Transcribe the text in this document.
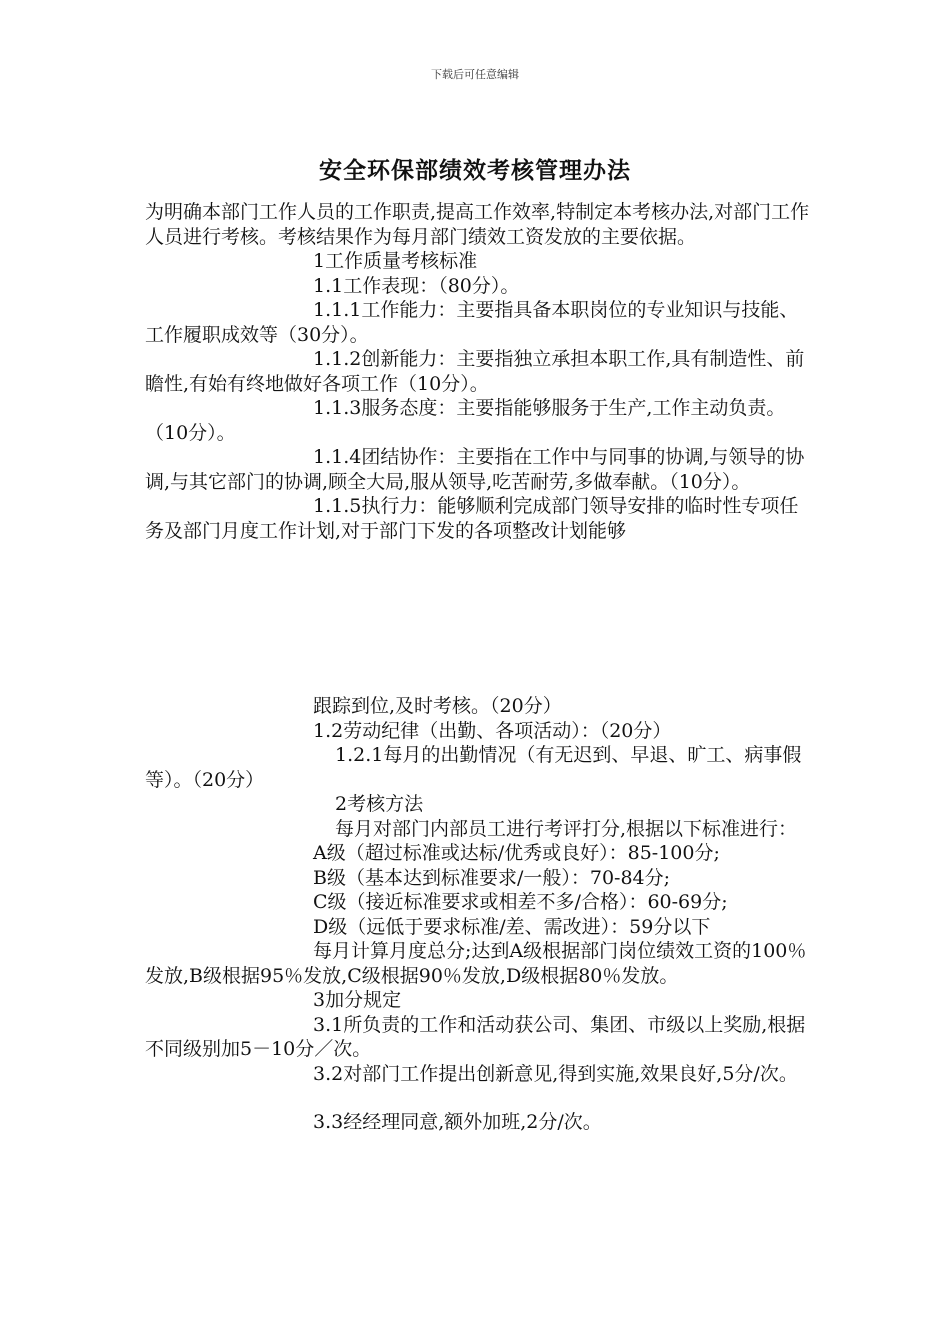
下载后可任意编辑
安全环保部绩效考核管理办法

为明确本部门工作人员的工作职责,提高工作效率,特制定本考核办法,对部门工作人员进行考核。考核结果作为每月部门绩效工资发放的主要依据。

1工作质量考核标准

1.1工作表现：（80分）。

1.1.1工作能力：主要指具备本职岗位的专业知识与技能、工作履职成效等（30分）。

1.1.2创新能力：主要指独立承担本职工作,具有制造性、前瞻性,有始有终地做好各项工作（10分）。

1.1.3服务态度：主要指能够服务于生产,工作主动负责。（10分）。

1.1.4团结协作：主要指在工作中与同事的协调,与领导的协调,与其它部门的协调,顾全大局,服从领导,吃苦耐劳,多做奉献。（10分）。

1.1.5执行力：能够顺利完成部门领导安排的临时性专项任务及部门月度工作计划,对于部门下发的各项整改计划能够

跟踪到位,及时考核。（20分）

1.2劳动纪律（出勤、各项活动）：（20分）

1.2.1每月的出勤情况（有无迟到、早退、旷工、病事假等）。（20分）

2考核方法

每月对部门内部员工进行考评打分,根据以下标准进行：

A级（超过标准或达标/优秀或良好）：85-100分;

B级（基本达到标准要求/一般）：70-84分;

C级（接近标准要求或相差不多/合格）：60-69分;

D级（远低于要求标准/差、需改进）：59分以下

每月计算月度总分;达到A级根据部门岗位绩效工资的100％发放,B级根据95％发放,C级根据90％发放,D级根据80％发放。

3加分规定

3.1所负责的工作和活动获公司、集团、市级以上奖励,根据不同级别加5－10分／次。

3.2对部门工作提出创新意见,得到实施,效果良好,5分/次。

3.3经经理同意,额外加班,2分/次。
